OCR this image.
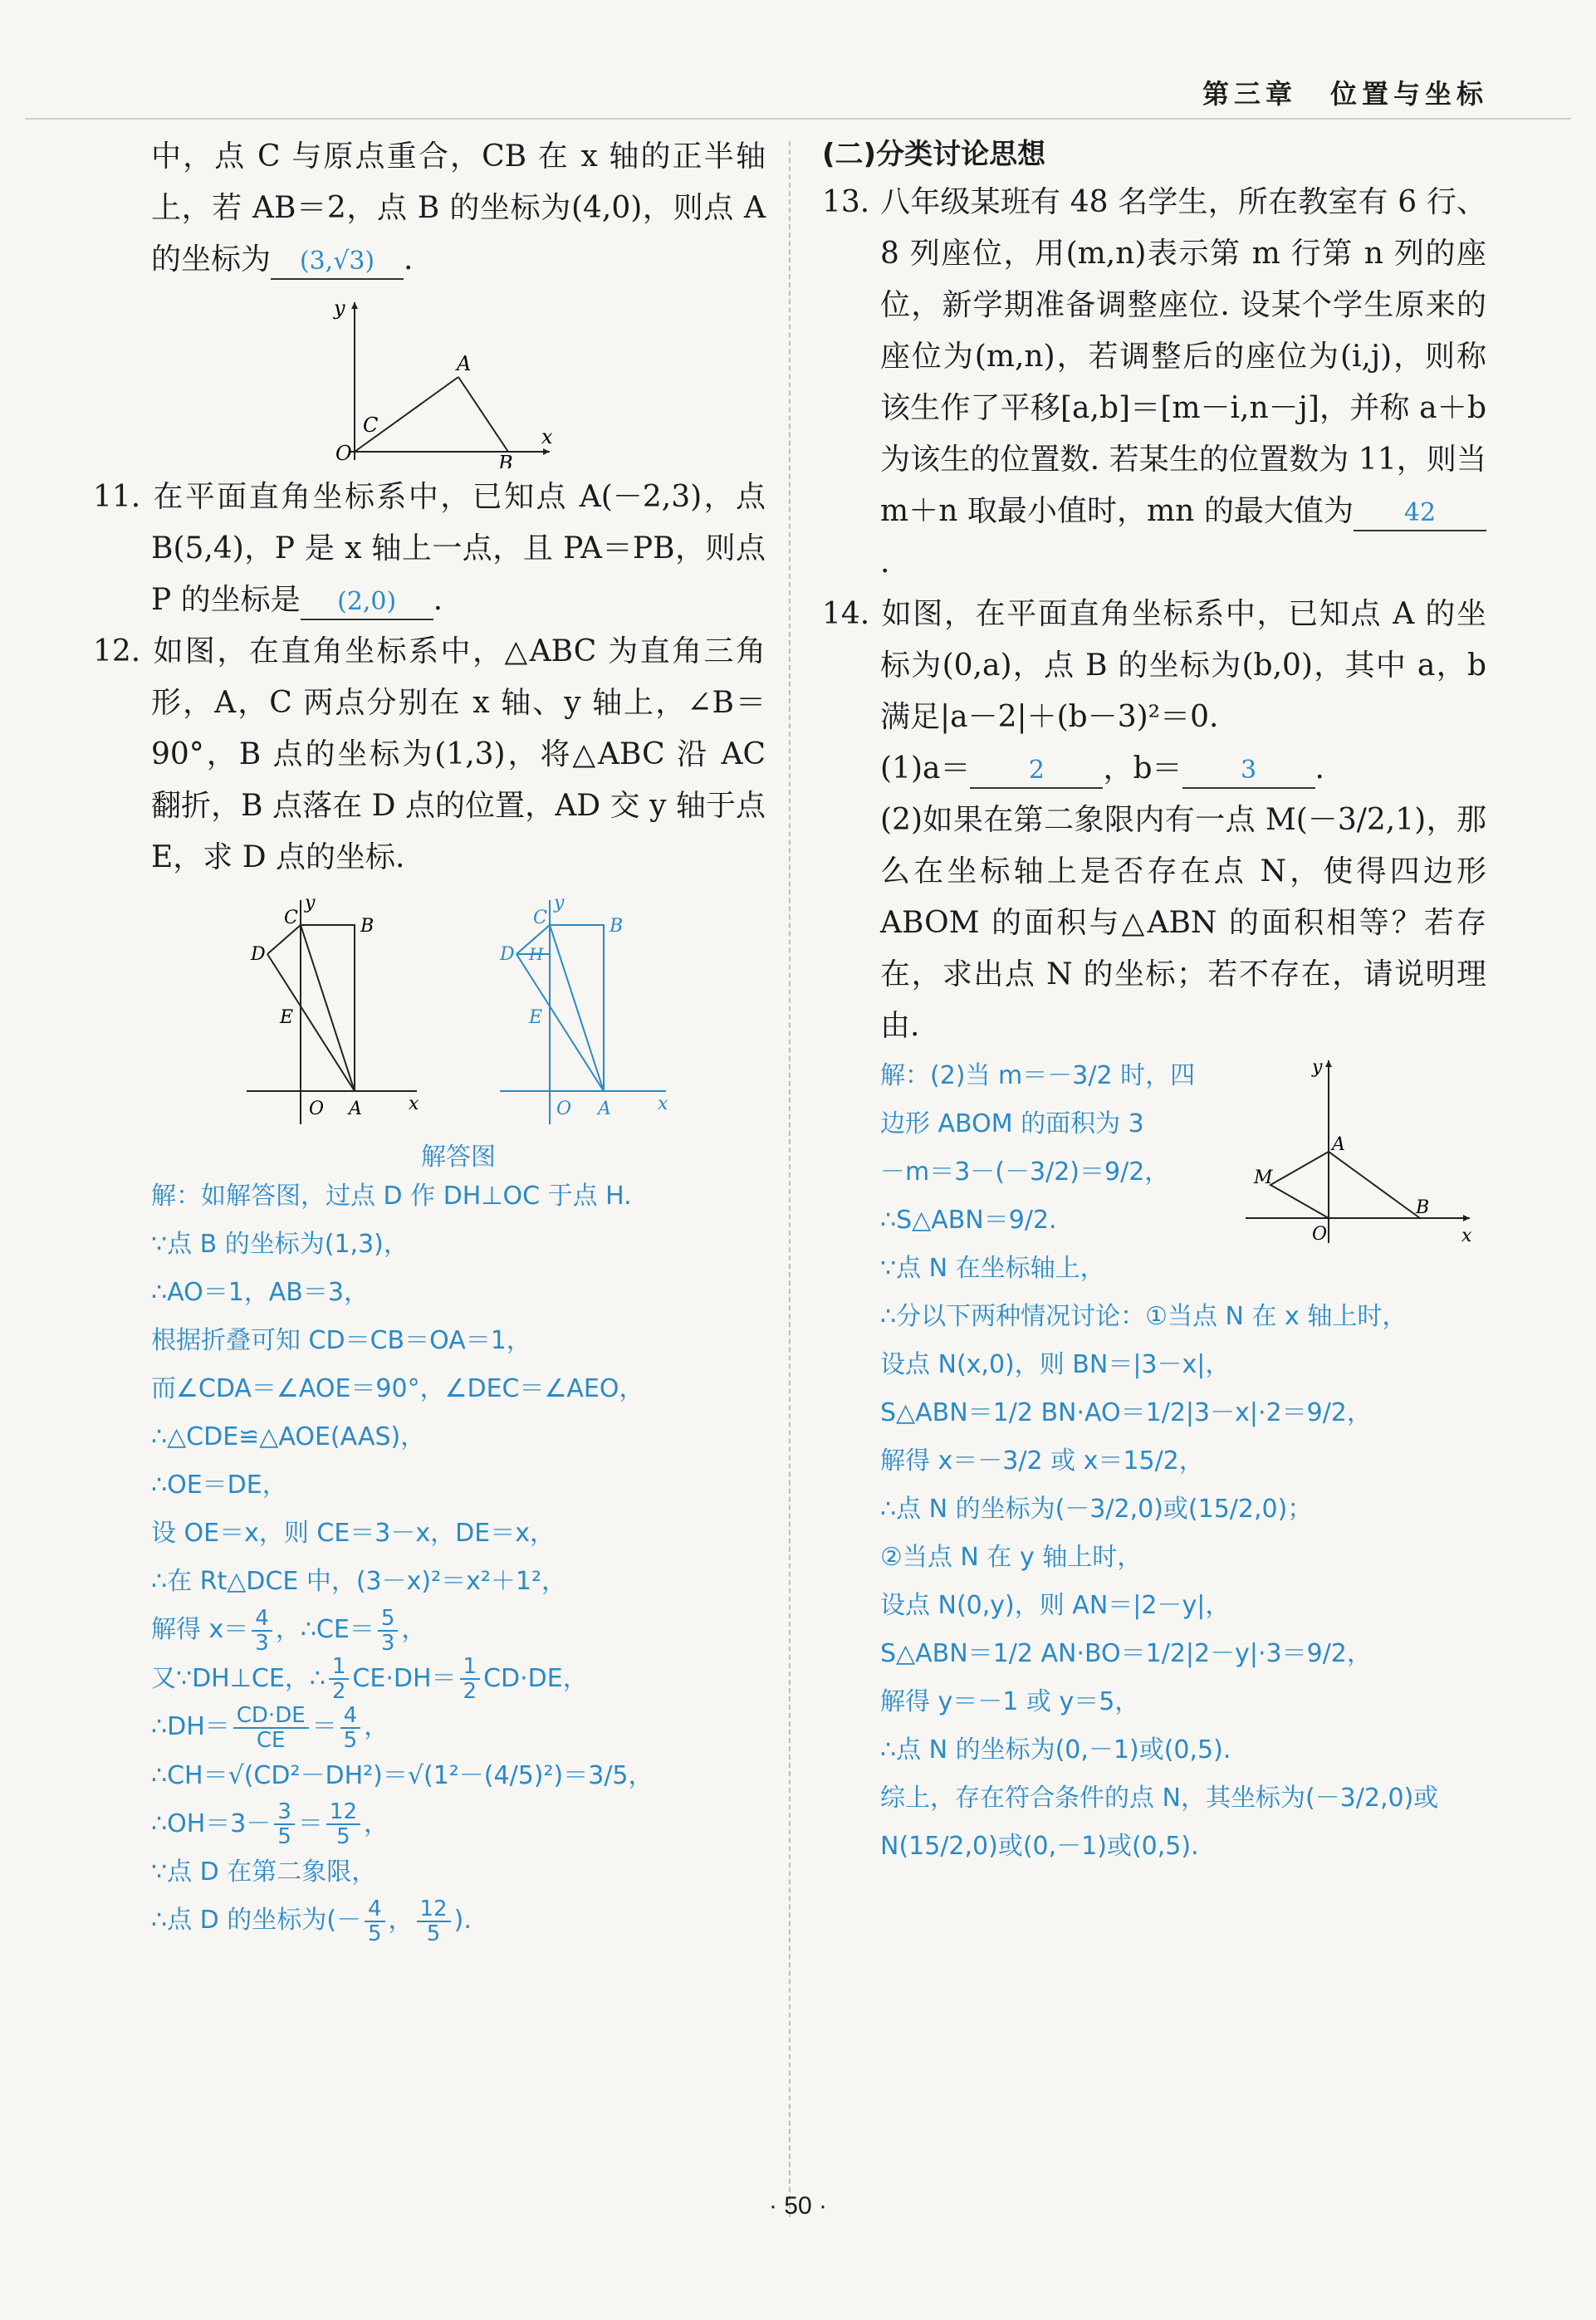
第三章 位置与坐标

中，点 C 与原点重合，CB 在 x 轴的正半轴上，若 AB＝2，点 B 的坐标为(4,0)，则点 A 的坐标为 (3,√3) .

y
x
O
C
A
B

11. 在平面直角坐标系中，已知点 A(－2,3)，点 B(5,4)，P 是 x 轴上一点，且 PA＝PB，则点 P 的坐标是 (2,0) .

12. 如图，在直角坐标系中，△ABC 为直角三角形，A，C 两点分别在 x 轴、y 轴上，∠B＝90°，B 点的坐标为(1,3)，将△ABC 沿 AC 翻折，B 点落在 D 点的位置，AD 交 y 轴于点 E，求 D 点的坐标.

y
x
C	B
D
E
O A
y
x
C	B
D H
E
O A
解答图

解：如解答图，过点 D 作 DH⊥OC 于点 H.

∵点 B 的坐标为(1,3)，

∴AO＝1，AB＝3，

根据折叠可知 CD＝CB＝OA＝1，

而∠CDA＝∠AOE＝90°，∠DEC＝∠AEO，

∴△CDE≌△AOE(AAS)，

∴OE＝DE，

设 OE＝x，则 CE＝3－x，DE＝x，

∴在 Rt△DCE 中，(3－x)²＝x²＋1²，

解得 $x= \frac{4}{3}$ ，∴CE＝ $\frac{5}{3}$ ，

又∵DH⊥CE，∴ $\frac{1}{2} CE\cdot DH= \frac{1}{2} CD\cdot DE$，

∴DH＝ $\frac{CD\cdot DE}{CE} = \frac{4}{5}$ ，

∴CH＝√(CD²－DH²)＝√(1²－(4/5)²)＝3/5，

∴OH＝3－ $\frac{3}{5} = \frac{12}{5}$ ，

∵点 D 在第二象限，

∴点 D 的坐标为(－ $\frac{4}{5}$ ， $\frac{12}{5}$ ).

(二)分类讨论思想

13. 八年级某班有 48 名学生，所在教室有 6 行、8 列座位，用(m,n)表示第 m 行第 n 列的座位，新学期准备调整座位. 设某个学生原来的座位为(m,n)，若调整后的座位为(i,j)，则称该生作了平移[a,b]＝[m－i,n－j]，并称 a＋b 为该生的位置数. 若某生的位置数为 11，则当 m＋n 取最小值时，mn 的最大值为 42.

14. 如图，在平面直角坐标系中，已知点 A 的坐标为(0,a)，点 B 的坐标为(b,0)，其中 a，b 满足|a－2|＋(b－3)²＝0.

(1)a＝ 2 ，b＝ 3 .

(2)如果在第二象限内有一点 M(－3/2,1)，那么在坐标轴上是否存在点 N，使得四边形 ABOM 的面积与△ABN 的面积相等？若存在，求出点 N 的坐标；若不存在，请说明理由.

y
x
O
A
B
M

解：(2)当 m＝－3/2 时，四

边形 ABOM 的面积为 3

－m＝3－(－3/2)＝9/2，

∴S△ABN＝9/2.

∵点 N 在坐标轴上，

∴分以下两种情况讨论：①当点 N 在 x 轴上时，

设点 N(x,0)，则 BN＝|3－x|，

S△ABN＝1/2 BN·AO＝1/2|3－x|·2＝9/2，

解得 x＝－3/2 或 x＝15/2，

∴点 N 的坐标为(－3/2,0)或(15/2,0)；

②当点 N 在 y 轴上时，

设点 N(0,y)，则 AN＝|2－y|，

S△ABN＝1/2 AN·BO＝1/2|2－y|·3＝9/2，

解得 y＝－1 或 y＝5，

∴点 N 的坐标为(0,－1)或(0,5).

综上，存在符合条件的点 N，其坐标为(－3/2,0)或

N(15/2,0)或(0,－1)或(0,5).

· 50 ·
